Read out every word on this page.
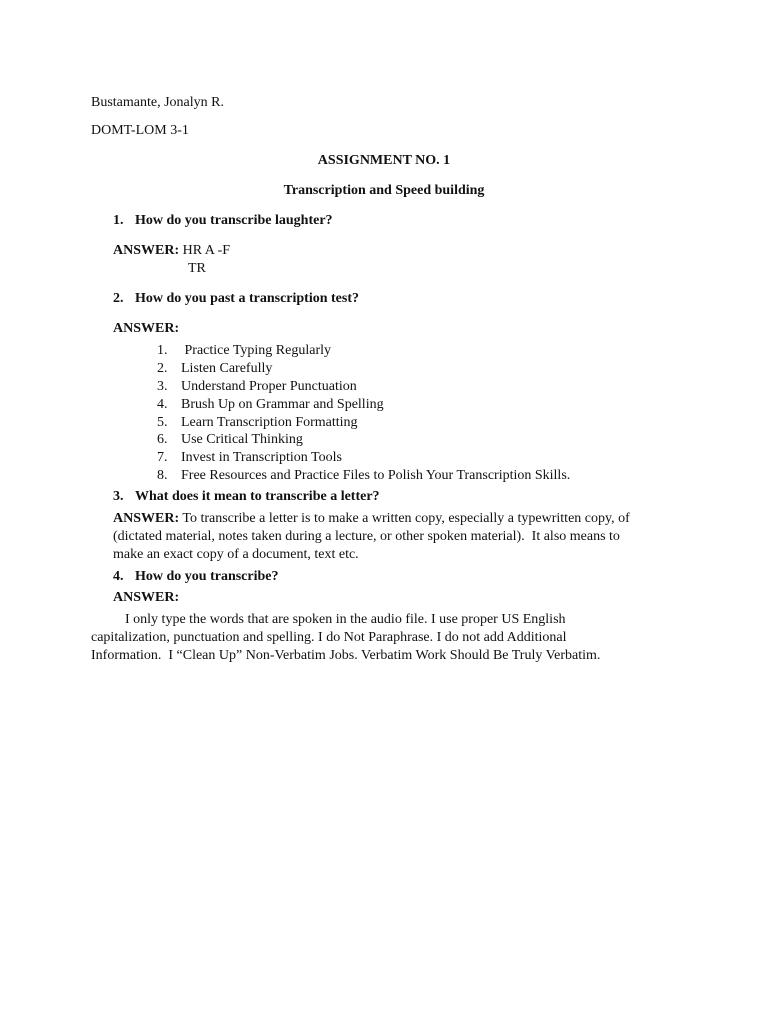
Bustamante, Jonalyn R.
DOMT-LOM 3-1
ASSIGNMENT NO. 1
Transcription and Speed building
1. How do you transcribe laughter?
ANSWER: HR A -F
TR
2. How do you past a transcription test?
ANSWER:
1. Practice Typing Regularly
2. Listen Carefully
3. Understand Proper Punctuation
4. Brush Up on Grammar and Spelling
5. Learn Transcription Formatting
6. Use Critical Thinking
7. Invest in Transcription Tools
8. Free Resources and Practice Files to Polish Your Transcription Skills.
3. What does it mean to transcribe a letter?
ANSWER: To transcribe a letter is to make a written copy, especially a typewritten copy, of
(dictated material, notes taken during a lecture, or other spoken material).  It also means to
make an exact copy of a document, text etc.
4. How do you transcribe?
ANSWER:
I only type the words that are spoken in the audio file. I use proper US English
capitalization, punctuation and spelling. I do Not Paraphrase. I do not add Additional
Information.  I “Clean Up” Non-Verbatim Jobs. Verbatim Work Should Be Truly Verbatim.
